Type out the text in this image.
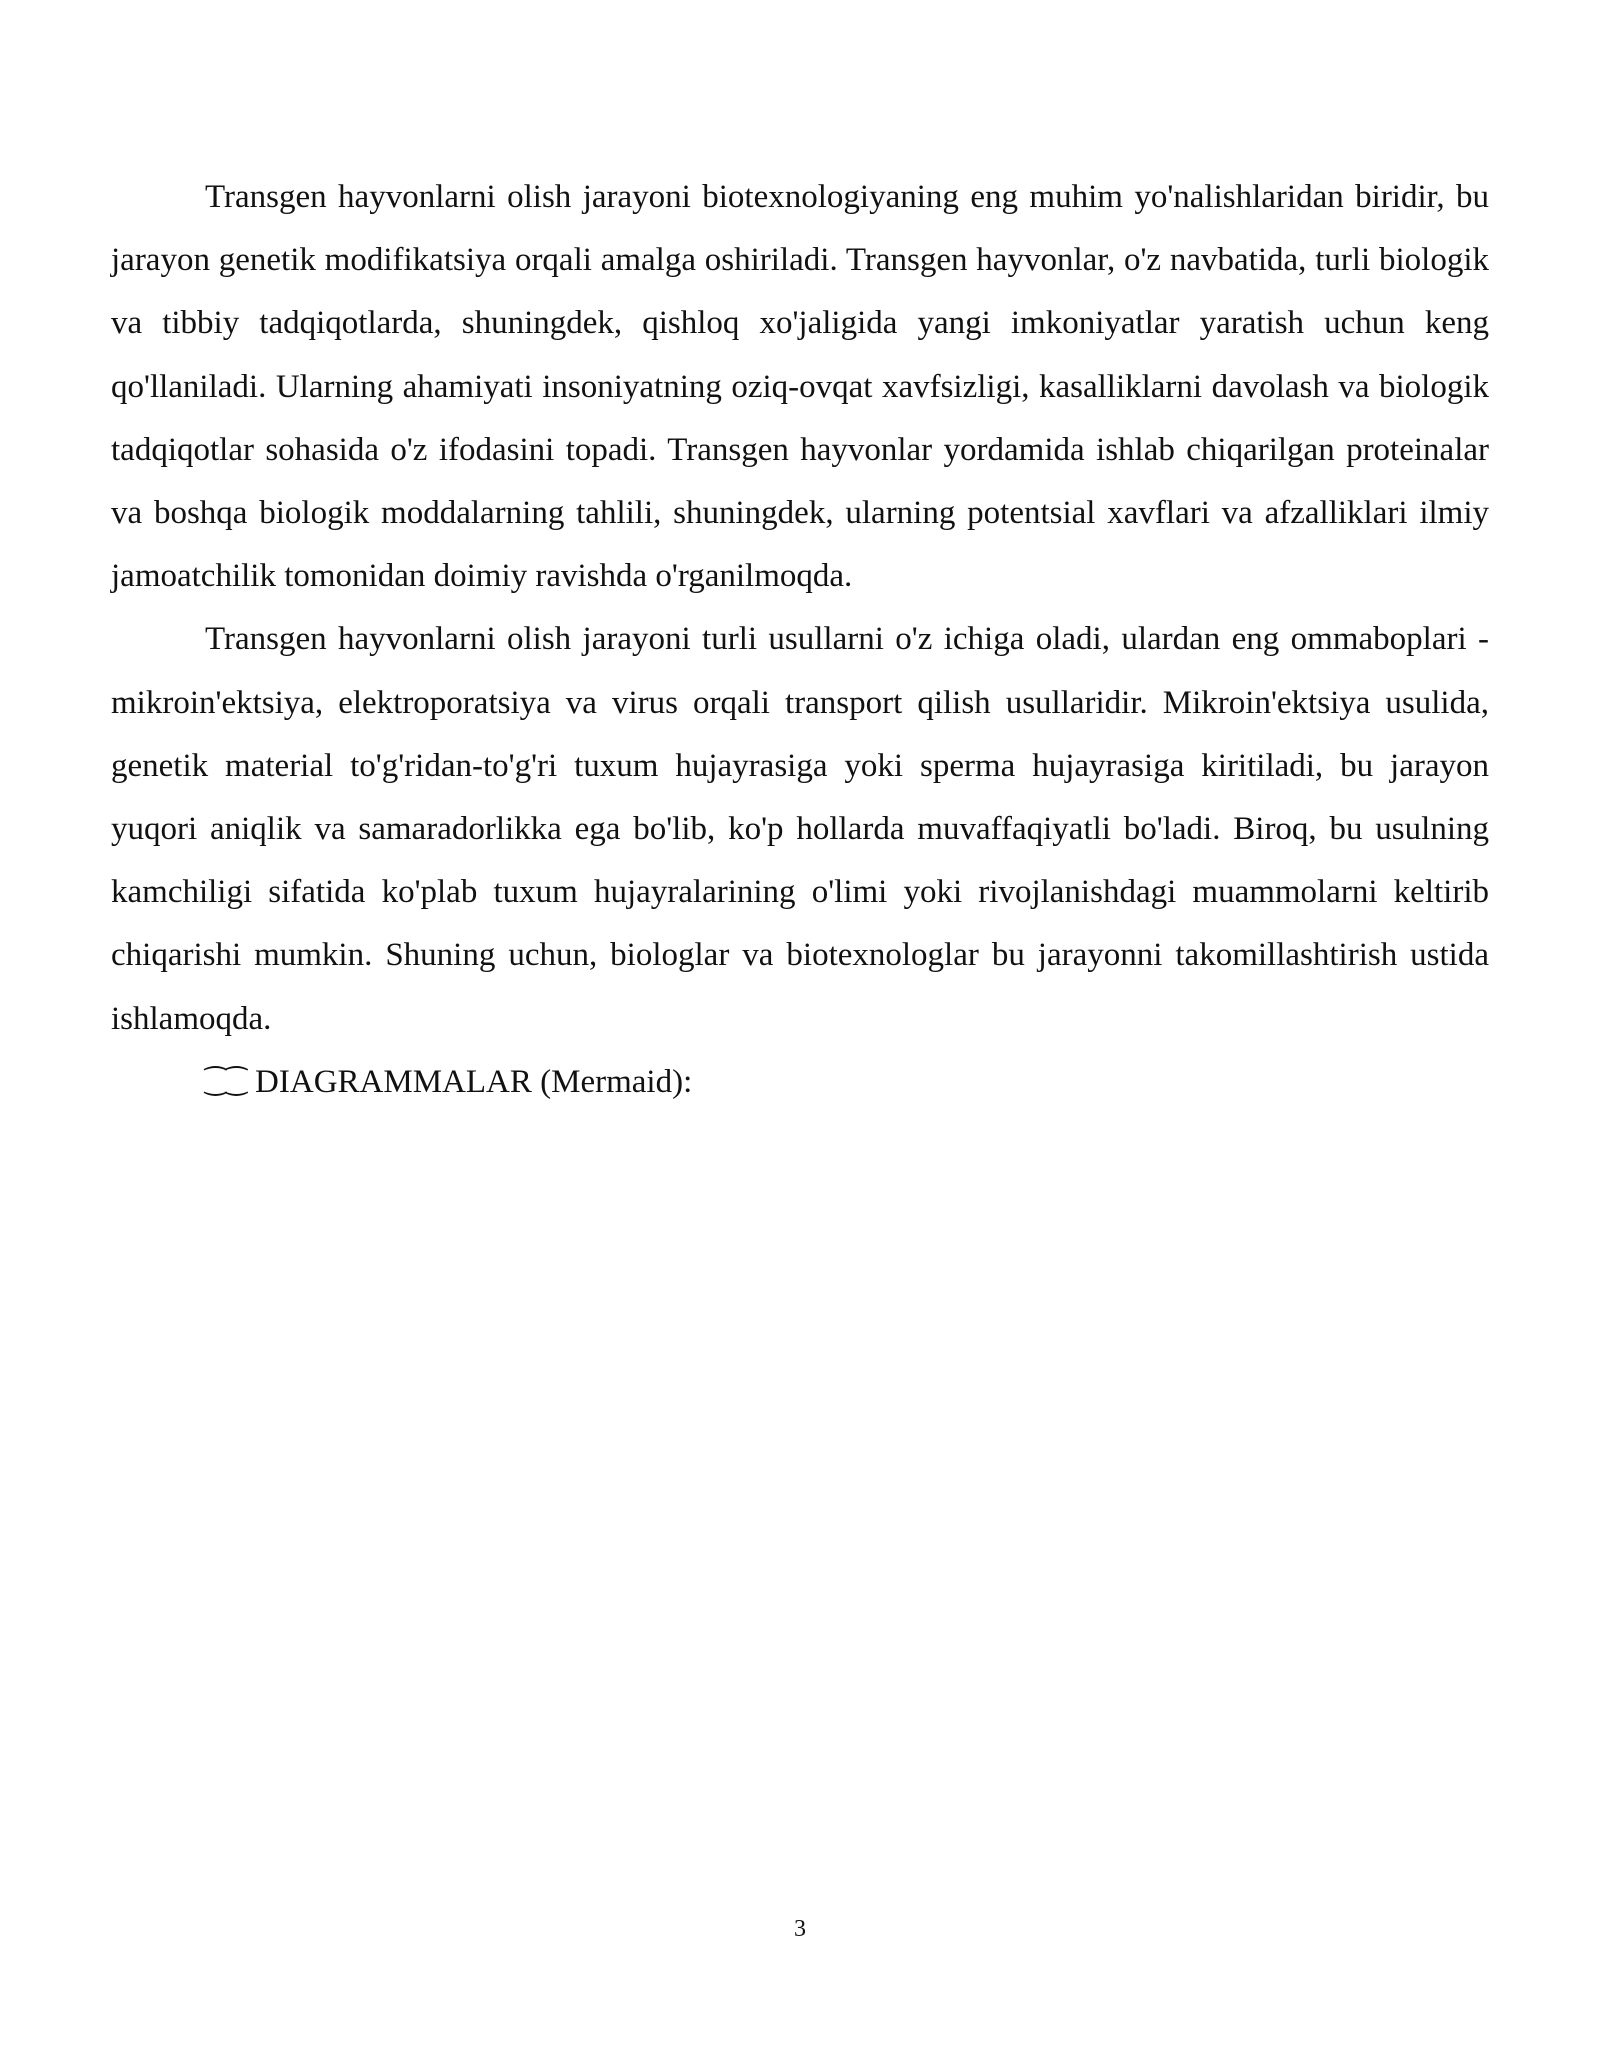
Transgen hayvonlarni olish jarayoni biotexnologiyaning eng muhim yo'nalishlaridan biridir, bu jarayon genetik modifikatsiya orqali amalga oshiriladi. Transgen hayvonlar, o'z navbatida, turli biologik va tibbiy tadqiqotlarda, shuningdek, qishloq xo'jaligida yangi imkoniyatlar yaratish uchun keng qo'llaniladi. Ularning ahamiyati insoniyatning oziq-ovqat xavfsizligi, kasalliklarni davolash va biologik tadqiqotlar sohasida o'z ifodasini topadi. Transgen hayvonlar yordamida ishlab chiqarilgan proteinalar va boshqa biologik moddalarning tahlili, shuningdek, ularning potentsial xavflari va afzalliklari ilmiy jamoatchilik tomonidan doimiy ravishda o'rganilmoqda.

Transgen hayvonlarni olish jarayoni turli usullarni o'z ichiga oladi, ulardan eng ommaboplari - mikroin'ektsiya, elektroporatsiya va virus orqali transport qilish usullaridir. Mikroin'ektsiya usulida, genetik material to'g'ridan-to'g'ri tuxum hujayrasiga yoki sperma hujayrasiga kiritiladi, bu jarayon yuqori aniqlik va samaradorlikka ega bo'lib, ko'p hollarda muvaffaqiyatli bo'ladi. Biroq, bu usulning kamchiligi sifatida ko'plab tuxum hujayralarining o'limi yoki rivojlanishdagi muammolarni keltirib chiqarishi mumkin. Shuning uchun, biologlar va biotexnologlar bu jarayonni takomillashtirish ustida ishlamoqda.

⁐⁐ DIAGRAMMALAR (Mermaid):

3
